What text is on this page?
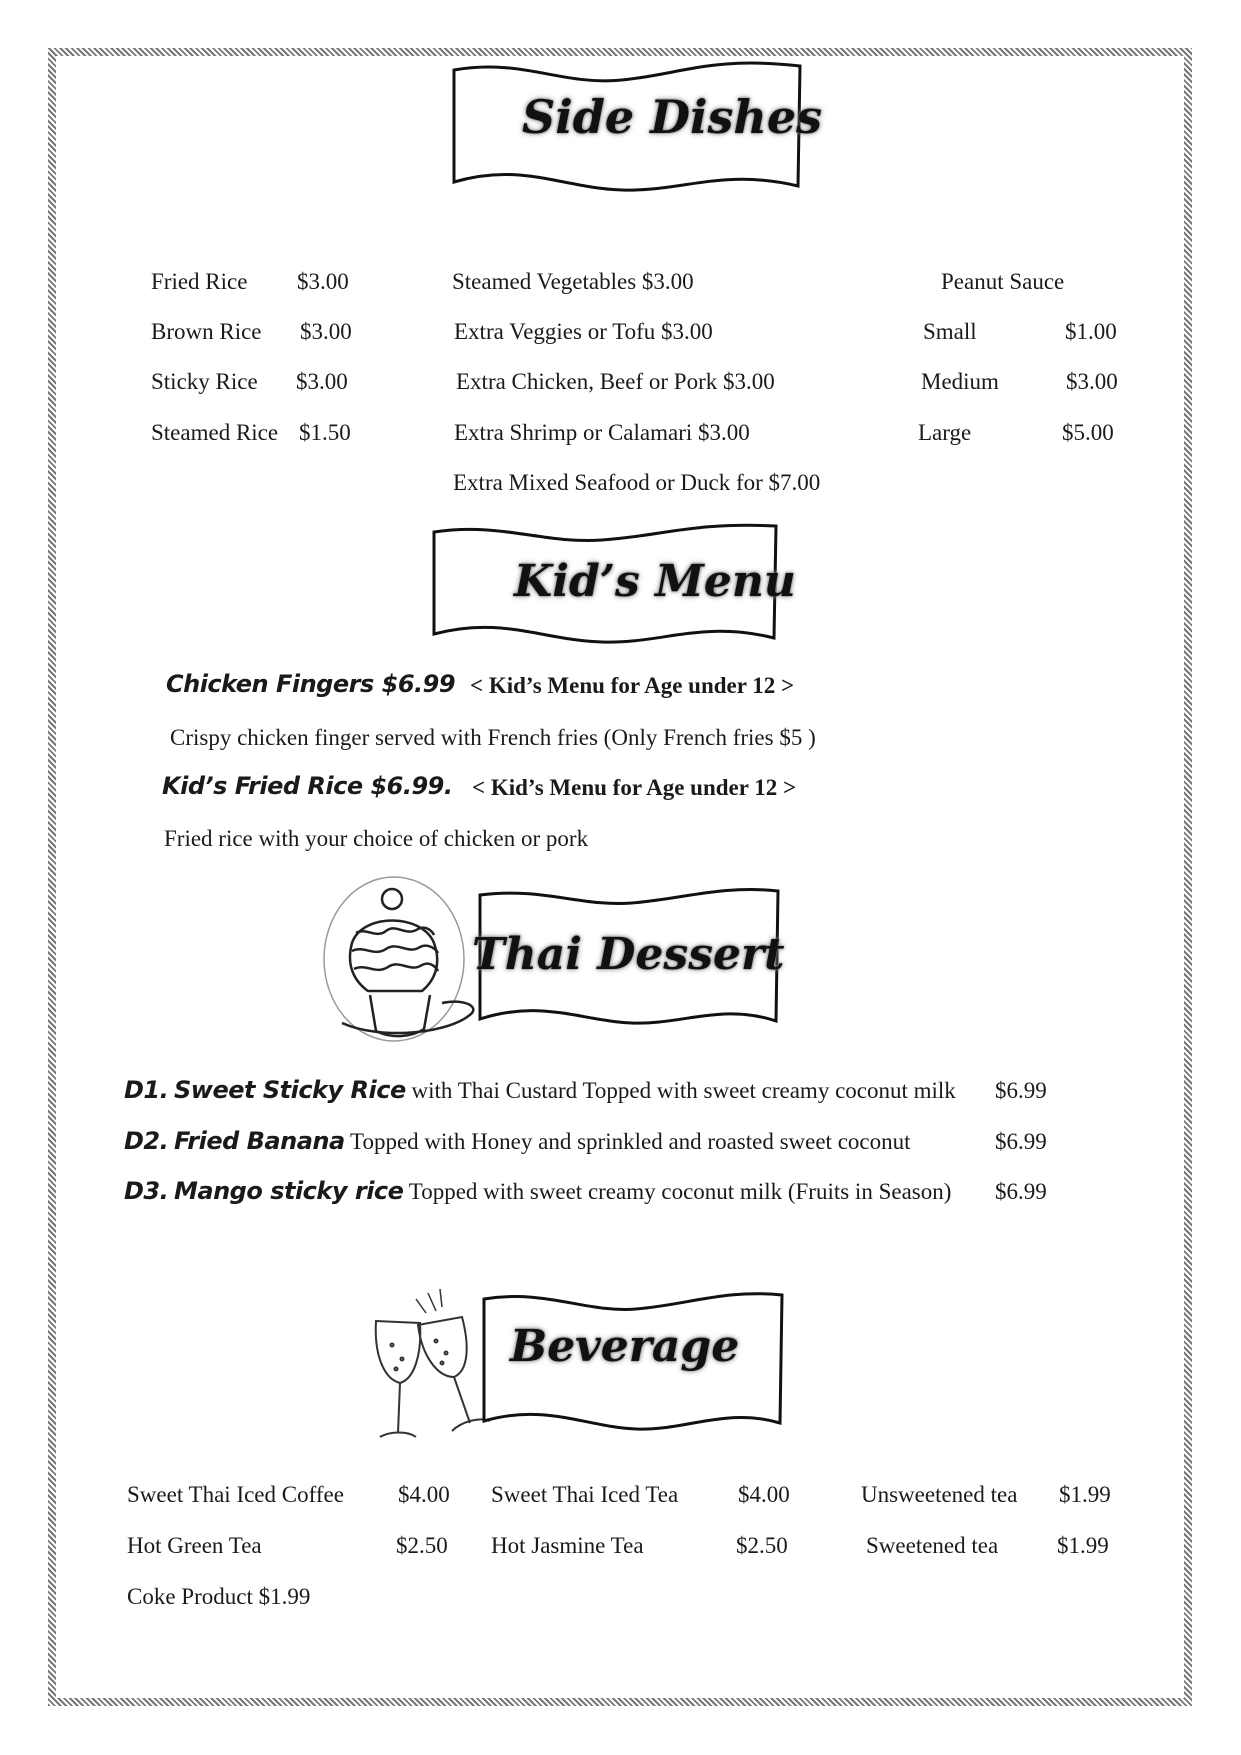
Side Dishes
Fried Rice $3.00
Brown Rice $3.00
Sticky Rice $3.00
Steamed Rice $1.50
Steamed Vegetables $3.00
Extra Veggies or Tofu $3.00
Extra Chicken, Beef or Pork $3.00
Extra Shrimp or Calamari $3.00
Extra Mixed Seafood or Duck for $7.00
Peanut Sauce
Small	$1.00
Medium	$3.00
Large	$5.00
Kid’s Menu
Chicken Fingers $6.99 < Kid’s Menu for Age under 12 >
Crispy chicken finger served with French fries (Only French fries $5 )
Kid’s Fried Rice $6.99. < Kid’s Menu for Age under 12 >
Fried rice with your choice of chicken or pork
Thai Dessert
D1. Sweet Sticky Rice with Thai Custard Topped with sweet creamy coconut milk $6.99
D2. Fried Banana Topped with Honey and sprinkled and roasted sweet coconut	$6.99
D3. Mango sticky rice Topped with sweet creamy coconut milk (Fruits in Season) $6.99
Beverage
Sweet Thai Iced Coffee $4.00 Sweet Thai Iced Tea	$4.00	Unsweetened tea $1.99
Hot Green Tea	$2.50 Hot Jasmine Tea	$2.50	Sweetened tea	$1.99
Coke Product $1.99
